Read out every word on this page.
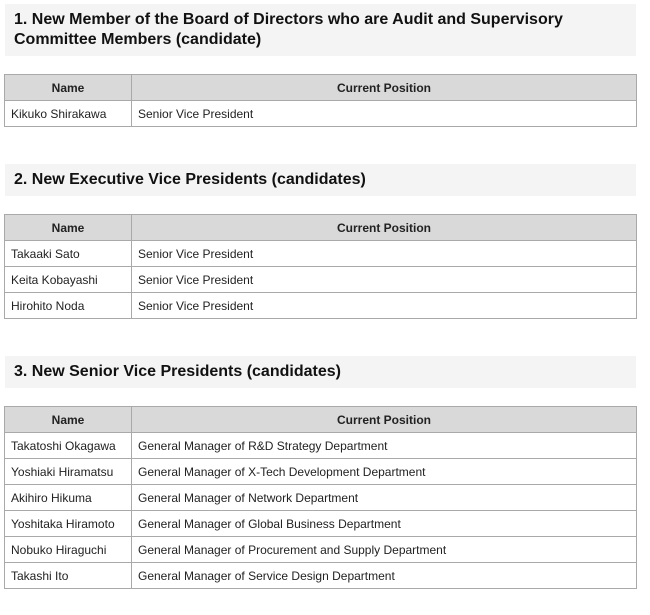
1. New Member of the Board of Directors who are Audit and Supervisory Committee Members (candidate)
Name	Current Position
Kikuko Shirakawa	Senior Vice President
2. New Executive Vice Presidents (candidates)
Name	Current Position
Takaaki Sato	Senior Vice President
Keita Kobayashi	Senior Vice President
Hirohito Noda	Senior Vice President
3. New Senior Vice Presidents (candidates)
Name	Current Position
Takatoshi Okagawa	General Manager of R&D Strategy Department
Yoshiaki Hiramatsu	General Manager of X-Tech Development Department
Akihiro Hikuma	General Manager of Network Department
Yoshitaka Hiramoto	General Manager of Global Business Department
Nobuko Hiraguchi	General Manager of Procurement and Supply Department
Takashi Ito	General Manager of Service Design Department
